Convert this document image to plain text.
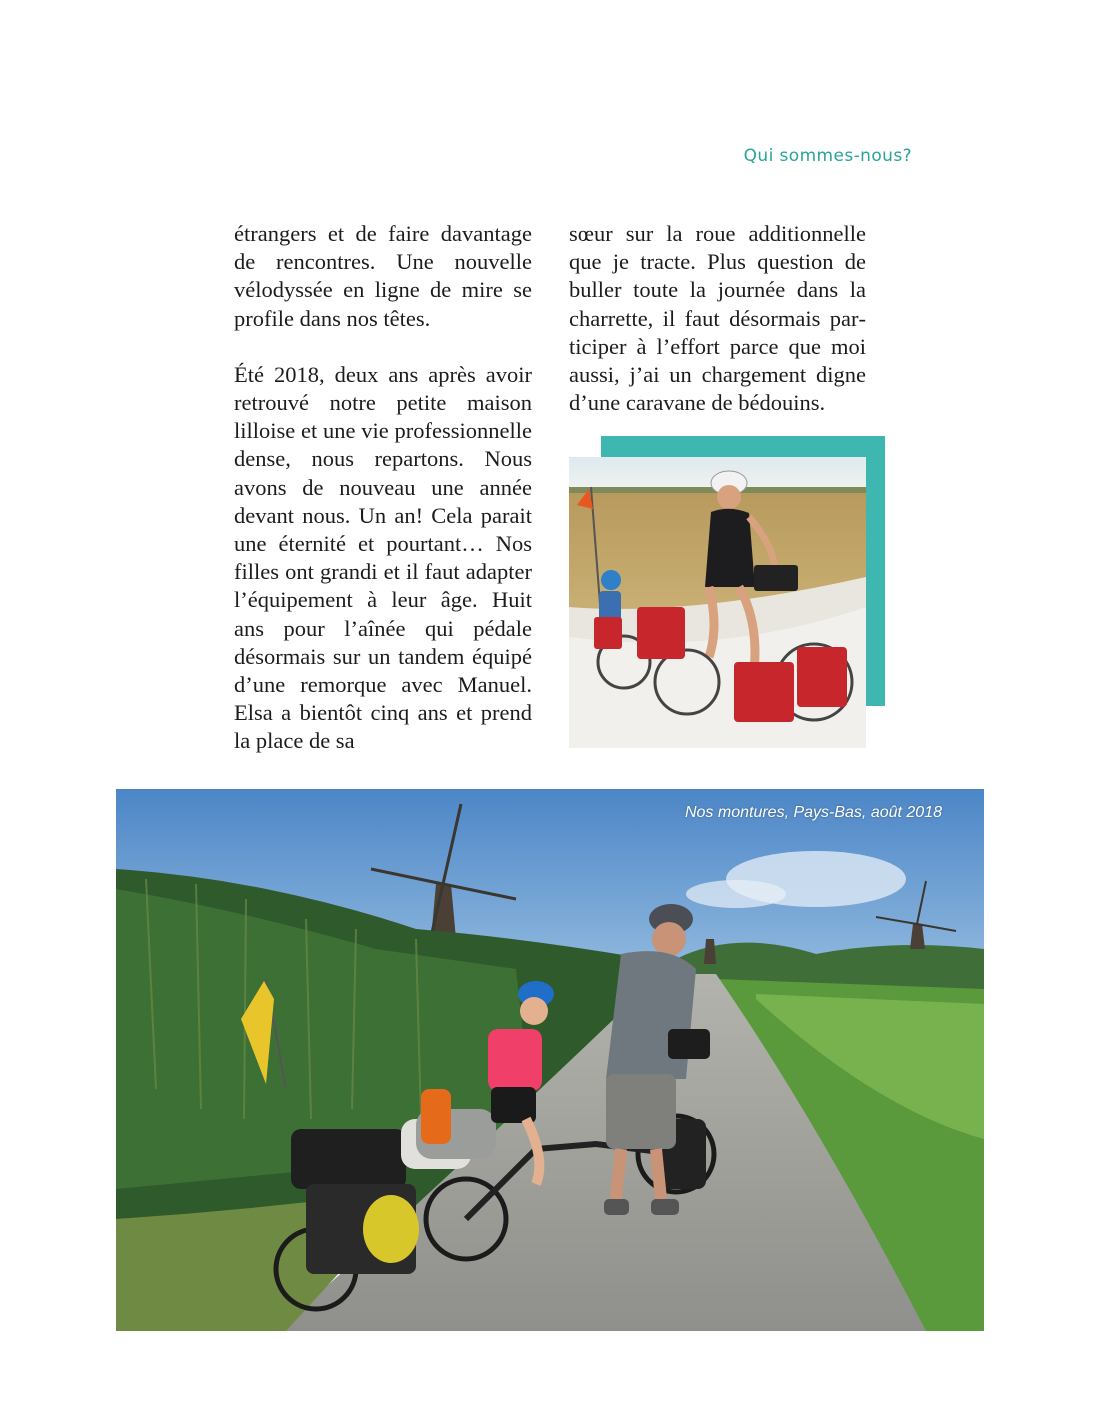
Qui sommes-nous?

étrangers et de faire davantage de rencontres. Une nouvelle vélodyssée en ligne de mire se profile dans nos têtes.

Été 2018, deux ans après avoir retrouvé notre petite maison lilloise et une vie professionnelle dense, nous repartons. Nous avons de nouveau une année devant nous. Un an! Cela parait une éternité et pourtant… Nos filles ont grandi et il faut adapter l’équipement à leur âge. Huit ans pour l’aînée qui pédale désormais sur un tandem équipé d’une remorque avec Manuel. Elsa a bientôt cinq ans et prend la place de sa

sœur sur la roue additionnelle que je tracte. Plus question de buller toute la journée dans la charrette, il faut désormais participer à l’effort parce que moi aussi, j’ai un chargement digne d’une caravane de bédouins.

Nos montures, Pays-Bas, août 2018
